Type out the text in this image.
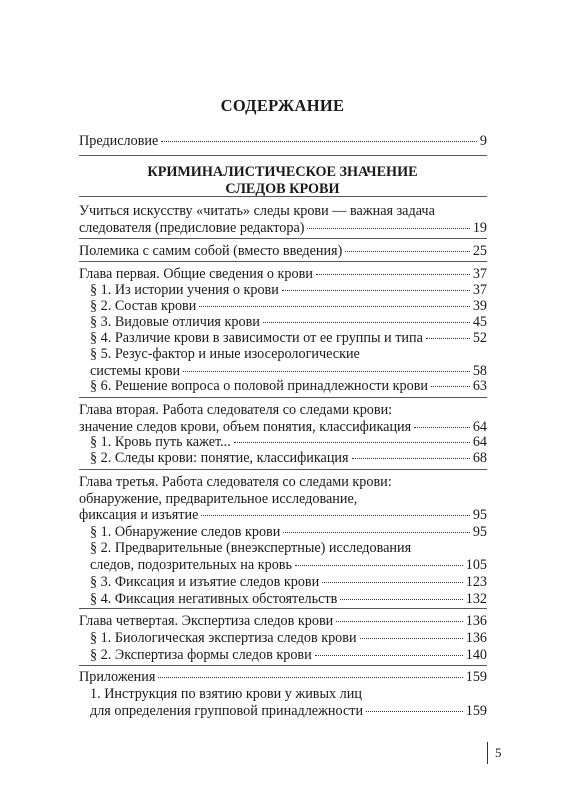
СОДЕРЖАНИЕ
Предисловие	9
КРИМИНАЛИСТИЧЕСКОЕ ЗНАЧЕНИЕ
СЛЕДОВ КРОВИ
Учиться искусству «читать» следы крови — важная задача
следователя (предисловие редактора)	19
Полемика с самим собой (вместо введения)	25
Глава первая. Общие сведения о крови	37
§ 1. Из истории учения о крови	37
§ 2. Состав крови	39
§ 3. Видовые отличия крови	45
§ 4. Различие крови в зависимости от ее группы и типа	52
§ 5. Резус-фактор и иные изосерологические
системы крови	58
§ 6. Решение вопроса о половой принадлежности крови	63
Глава вторая. Работа следователя со следами крови:
значение следов крови, объем понятия, классификация	64
§ 1. Кровь путь кажет...	64
§ 2. Следы крови: понятие, классификация	68
Глава третья. Работа следователя со следами крови:
обнаружение, предварительное исследование,
фиксация и изъятие	95
§ 1. Обнаружение следов крови	95
§ 2. Предварительные (внеэкспертные) исследования
следов, подозрительных на кровь	105
§ 3. Фиксация и изъятие следов крови	123
§ 4. Фиксация негативных обстоятельств	132
Глава четвертая. Экспертиза следов крови	136
§ 1. Биологическая экспертиза следов крови	136
§ 2. Экспертиза формы следов крови	140
Приложения	159
1. Инструкция по взятию крови у живых лиц
для определения групповой принадлежности	159
5
